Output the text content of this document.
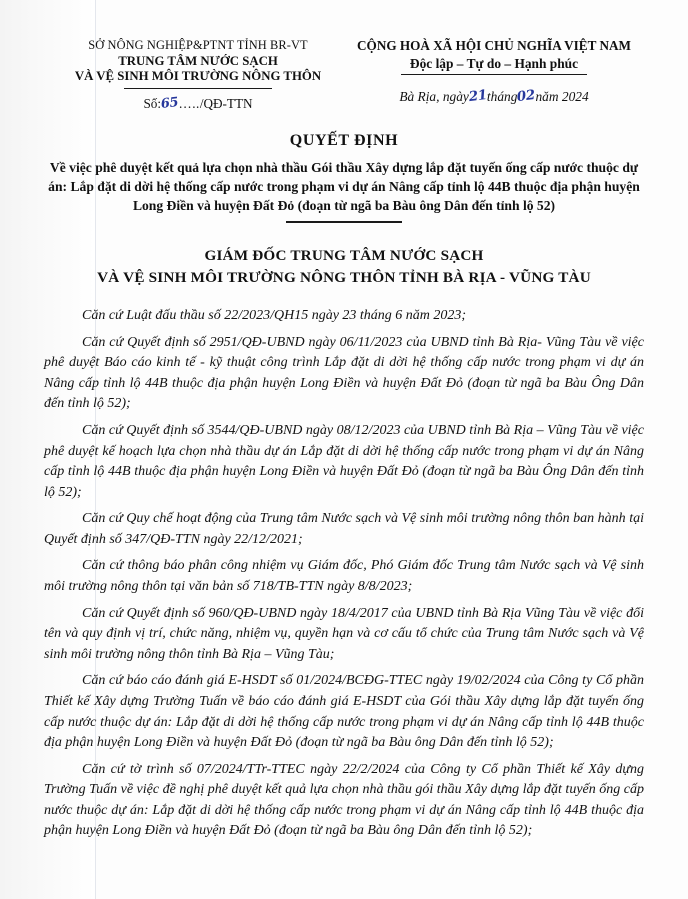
SỞ NÔNG NGHIỆP&PTNT TỈNH BR-VT
TRUNG TÂM NƯỚC SẠCH
VÀ VỆ SINH MÔI TRƯỜNG NÔNG THÔN
Số:65…../QĐ-TTN
CỘNG HOÀ XÃ HỘI CHỦ NGHĨA VIỆT NAM
Độc lập – Tự do – Hạnh phúc
Bà Rịa, ngày21tháng02năm 2024
QUYẾT ĐỊNH
Về việc phê duyệt kết quả lựa chọn nhà thầu Gói thầu Xây dựng lắp đặt tuyến ống cấp nước thuộc dự án: Lắp đặt di dời hệ thống cấp nước trong phạm vi dự án Nâng cấp tỉnh lộ 44B thuộc địa phận huyện Long Điền và huyện Đất Đỏ (đoạn từ ngã ba Bàu ông Dân đến tỉnh lộ 52)
GIÁM ĐỐC TRUNG TÂM NƯỚC SẠCH
VÀ VỆ SINH MÔI TRƯỜNG NÔNG THÔN TỈNH BÀ RỊA - VŨNG TÀU

Căn cứ Luật đấu thầu số 22/2023/QH15 ngày 23 tháng 6 năm 2023;

Căn cứ Quyết định số 2951/QĐ-UBND ngày 06/11/2023 của UBND tỉnh Bà Rịa- Vũng Tàu về việc phê duyệt Báo cáo kinh tế - kỹ thuật công trình Lắp đặt di dời hệ thống cấp nước trong phạm vi dự án Nâng cấp tỉnh lộ 44B thuộc địa phận huyện Long Điền và huyện Đất Đỏ (đoạn từ ngã ba Bàu Ông Dân đến tỉnh lộ 52);

Căn cứ Quyết định số 3544/QĐ-UBND ngày 08/12/2023 của UBND tỉnh Bà Rịa – Vũng Tàu về việc phê duyệt kế hoạch lựa chọn nhà thầu dự án Lắp đặt di dời hệ thống cấp nước trong phạm vi dự án Nâng cấp tỉnh lộ 44B thuộc địa phận huyện Long Điền và huyện Đất Đỏ (đoạn từ ngã ba Bàu Ông Dân đến tỉnh lộ 52);

Căn cứ Quy chế hoạt động của Trung tâm Nước sạch và Vệ sinh môi trường nông thôn ban hành tại Quyết định số 347/QĐ-TTN ngày 22/12/2021;

Căn cứ thông báo phân công nhiệm vụ Giám đốc, Phó Giám đốc Trung tâm Nước sạch và Vệ sinh môi trường nông thôn tại văn bản số 718/TB-TTN ngày 8/8/2023;

Căn cứ Quyết định số 960/QĐ-UBND ngày 18/4/2017 của UBND tỉnh Bà Rịa Vũng Tàu về việc đổi tên và quy định vị trí, chức năng, nhiệm vụ, quyền hạn và cơ cấu tổ chức của Trung tâm Nước sạch và Vệ sinh môi trường nông thôn tỉnh Bà Rịa – Vũng Tàu;

Căn cứ báo cáo đánh giá E-HSDT số 01/2024/BCĐG-TTEC ngày 19/02/2024 của Công ty Cổ phần Thiết kế Xây dựng Trường Tuấn về báo cáo đánh giá E-HSDT của Gói thầu Xây dựng lắp đặt tuyến ống cấp nước thuộc dự án: Lắp đặt di dời hệ thống cấp nước trong phạm vi dự án Nâng cấp tỉnh lộ 44B thuộc địa phận huyện Long Điền và huyện Đất Đỏ (đoạn từ ngã ba Bàu ông Dân đến tỉnh lộ 52);

Căn cứ tờ trình số 07/2024/TTr-TTEC ngày 22/2/2024 của Công ty Cổ phần Thiết kế Xây dựng Trường Tuấn về việc đề nghị phê duyệt kết quả lựa chọn nhà thầu gói thầu Xây dựng lắp đặt tuyến ống cấp nước thuộc dự án: Lắp đặt di dời hệ thống cấp nước trong phạm vi dự án Nâng cấp tỉnh lộ 44B thuộc địa phận huyện Long Điền và huyện Đất Đỏ (đoạn từ ngã ba Bàu ông Dân đến tỉnh lộ 52);
